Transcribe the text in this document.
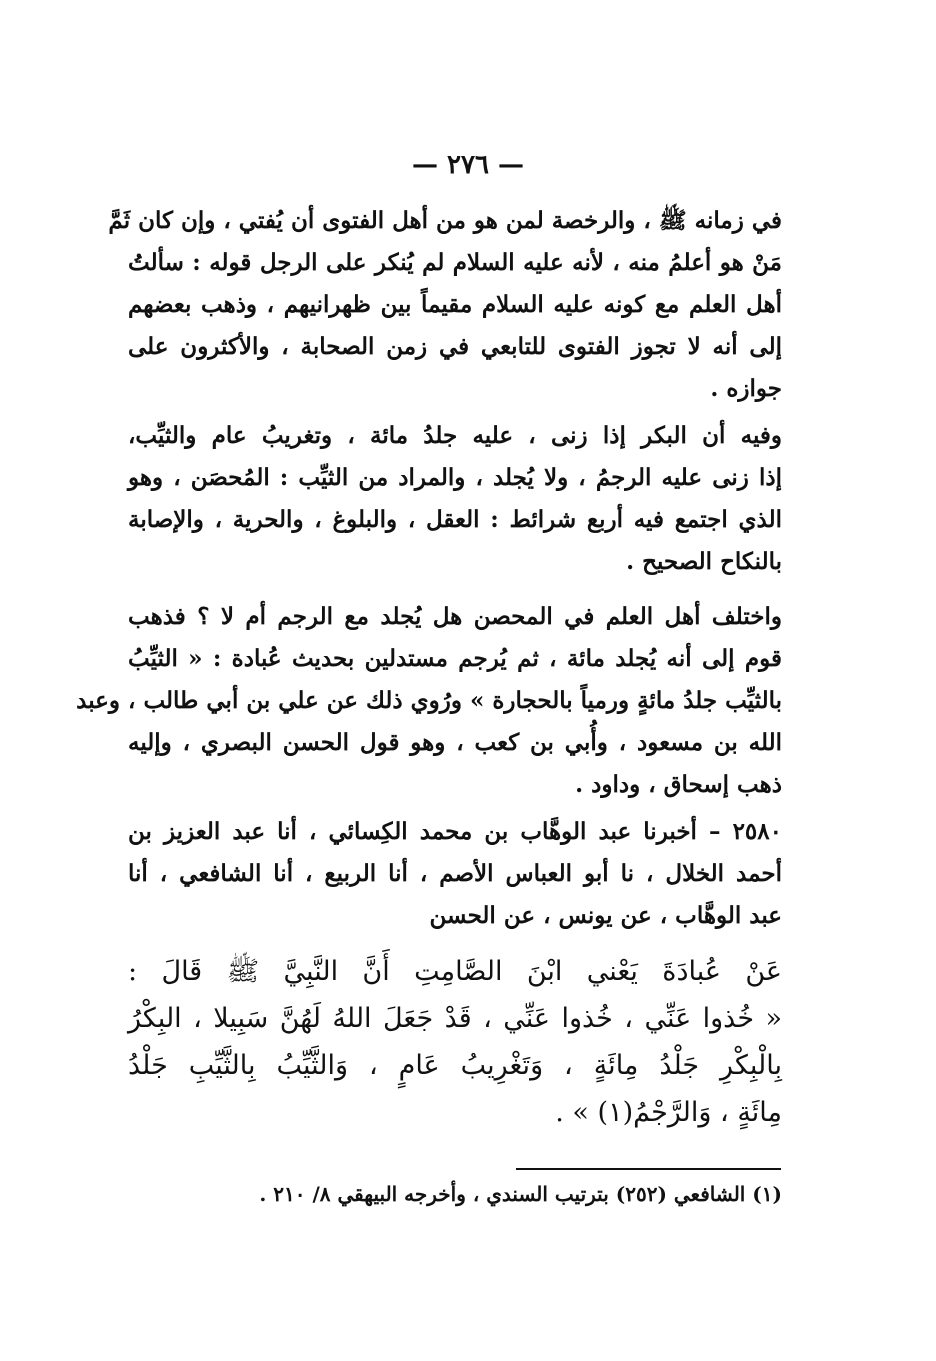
— ٢٧٦ —
في زمانه ﷺ ، والرخصة لمن هو من أهل الفتوى أن يُفتي ، وإن كان ثَمَّ
مَنْ هو أعلمُ منه ، لأنه عليه السلام لم يُنكر على الرجل قوله : سألتُ
أهل العلم مع كونه عليه السلام مقيماً بين ظهرانيهم ، وذهب بعضهم
إلى أنه لا تجوز الفتوى للتابعي في زمن الصحابة ، والأكثرون على
جوازه .
وفيه أن البكر إذا زنى ، عليه جلدُ مائة ، وتغريبُ عام والثيِّب،
إذا زنى عليه الرجمُ ، ولا يُجلد ، والمراد من الثيِّب : المُحصَن ، وهو
الذي اجتمع فيه أربع شرائط : العقل ، والبلوغ ، والحرية ، والإصابة
بالنكاح الصحيح .
واختلف أهل العلم في المحصن هل يُجلد مع الرجم أم لا ؟ فذهب
قوم إلى أنه يُجلد مائة ، ثم يُرجم مستدلين بحديث عُبادة : « الثيِّبُ
بالثيِّب جلدُ مائةٍ ورمياً بالحجارة » ورُوي ذلك عن علي بن أبي طالب ، وعبد
الله بن مسعود ، وأُبي بن كعب ، وهو قول الحسن البصري ، وإليه
ذهب إسحاق ، وداود .
٢٥٨٠ – أخبرنا عبد الوهَّاب بن محمد الكِسائي ، أنا عبد العزيز بن
أحمد الخلال ، نا أبو العباس الأصم ، أنا الربيع ، أنا الشافعي ، أنا
عبد الوهَّاب ، عن يونس ، عن الحسن
عَنْ عُبادَةَ يَعْني ابْنَ الصَّامِتِ أَنَّ النَّبِيَّ ﷺ قَالَ :
« خُذوا عَنِّي ، خُذوا عَنِّي ، قَدْ جَعَلَ اللهُ لَهُنَّ سَبِيلا ، البِكْرُ
بِالْبِكْرِ جَلْدُ مِائَةٍ ، وَتَغْرِيبُ عَامٍ ، وَالثَّيِّبُ بِالثَّيِّبِ جَلْدُ
مِائَةٍ ، وَالرَّجْمُ(١) » .
(١) الشافعي (٢٥٢) بترتيب السندي ، وأخرجه البيهقي ٨/ ٢١٠ .
